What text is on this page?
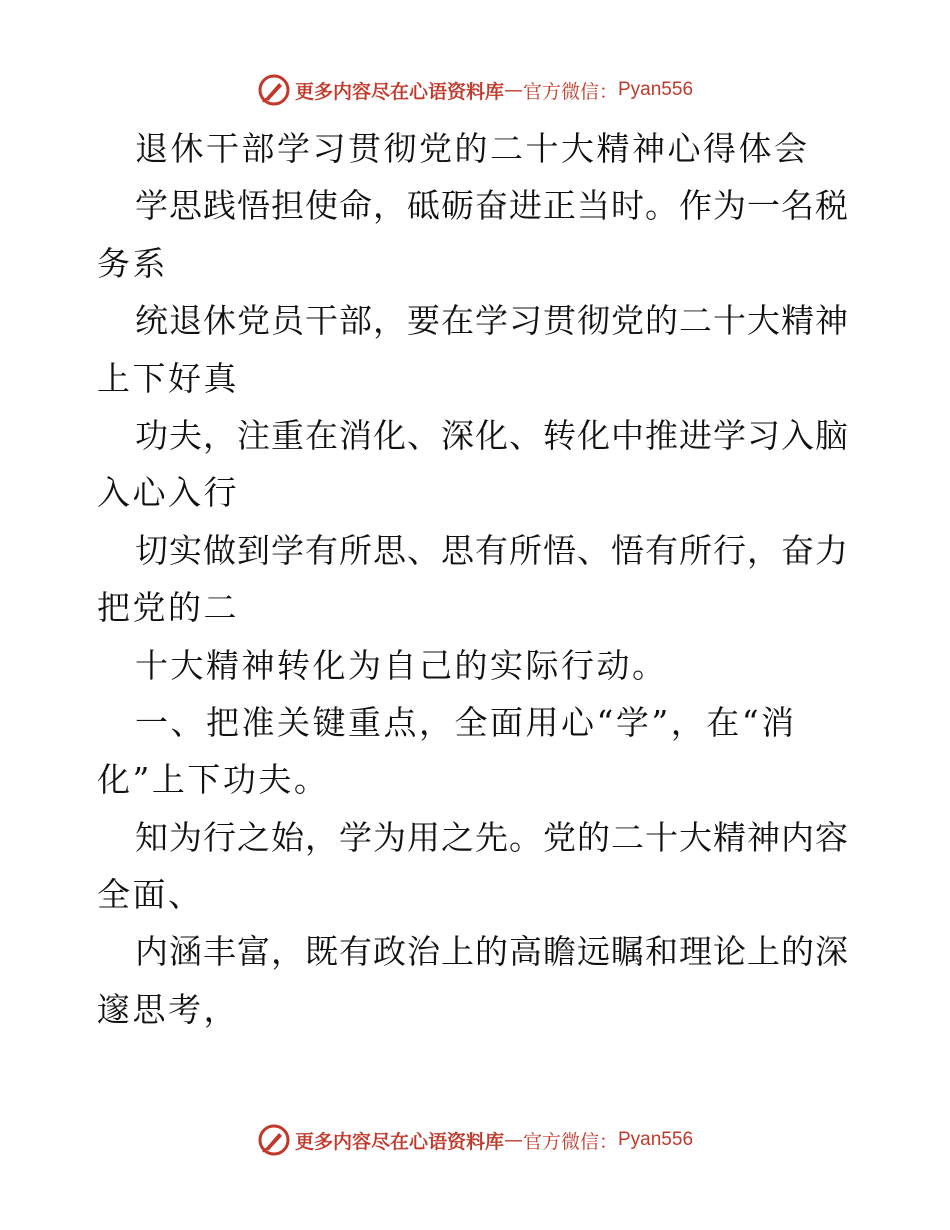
更多内容尽在心语资料库 — 官方微信： Pyan556
退休干部学习贯彻党的二十大精神心得体会
学思践悟担使命，砥砺奋进正当时。作为一名税
务系
统退休党员干部，要在学习贯彻党的二十大精神
上下好真
功夫，注重在消化、深化、转化中推进学习入脑
入心入行
切实做到学有所思、思有所悟、悟有所行，奋力
把党的二
十大精神转化为自己的实际行动。
一、把准关键重点，全面用心“学”，在“消
化”上下功夫。
知为行之始，学为用之先。党的二十大精神内容
全面、
内涵丰富，既有政治上的高瞻远瞩和理论上的深
邃思考，
更多内容尽在心语资料库 — 官方微信： Pyan556
